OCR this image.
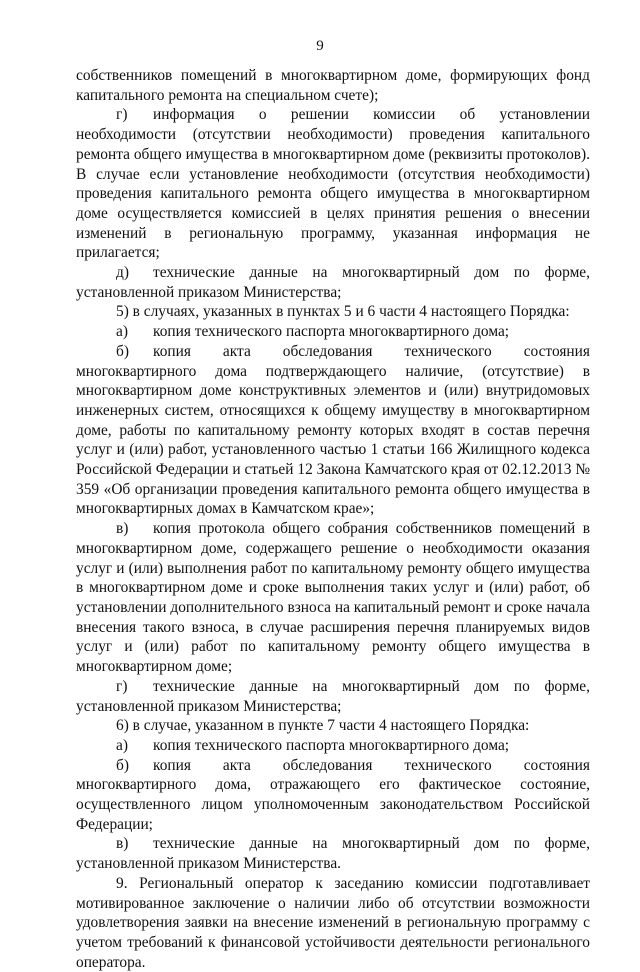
9

собственников помещений в многоквартирном доме, формирующих фонд капитального ремонта на специальном счете);

г) информация о решении комиссии об установлении необходимости (отсутствии необходимости) проведения капитального ремонта общего имущества в многоквартирном доме (реквизиты протоколов). В случае если установление необходимости (отсутствия необходимости) проведения капитального ремонта общего имущества в многоквартирном доме осуществляется комиссией в целях принятия решения о внесении изменений в региональную программу, указанная информация не прилагается;

д) технические данные на многоквартирный дом по форме, установленной приказом Министерства;

5) в случаях, указанных в пунктах 5 и 6 части 4 настоящего Порядка:

а) копия технического паспорта многоквартирного дома;

б) копия акта обследования технического состояния многоквартирного дома подтверждающего наличие, (отсутствие) в многоквартирном доме конструктивных элементов и (или) внутридомовых инженерных систем, относящихся к общему имуществу в многоквартирном доме, работы по капитальному ремонту которых входят в состав перечня услуг и (или) работ, установленного частью 1 статьи 166 Жилищного кодекса Российской Федерации и статьей 12 Закона Камчатского края от 02.12.2013 № 359 «Об организации проведения капитального ремонта общего имущества в многоквартирных домах в Камчатском крае»;

в) копия протокола общего собрания собственников помещений в многоквартирном доме, содержащего решение о необходимости оказания услуг и (или) выполнения работ по капитальному ремонту общего имущества в многоквартирном доме и сроке выполнения таких услуг и (или) работ, об установлении дополнительного взноса на капитальный ремонт и сроке начала внесения такого взноса, в случае расширения перечня планируемых видов услуг и (или) работ по капитальному ремонту общего имущества в многоквартирном доме;

г) технические данные на многоквартирный дом по форме, установленной приказом Министерства;

6) в случае, указанном в пункте 7 части 4 настоящего Порядка:

а) копия технического паспорта многоквартирного дома;

б) копия акта обследования технического состояния многоквартирного дома, отражающего его фактическое состояние, осуществленного лицом уполномоченным законодательством Российской Федерации;

в) технические данные на многоквартирный дом по форме, установленной приказом Министерства.

9. Региональный оператор к заседанию комиссии подготавливает мотивированное заключение о наличии либо об отсутствии возможности удовлетворения заявки на внесение изменений в региональную программу с учетом требований к финансовой устойчивости деятельности регионального оператора.
